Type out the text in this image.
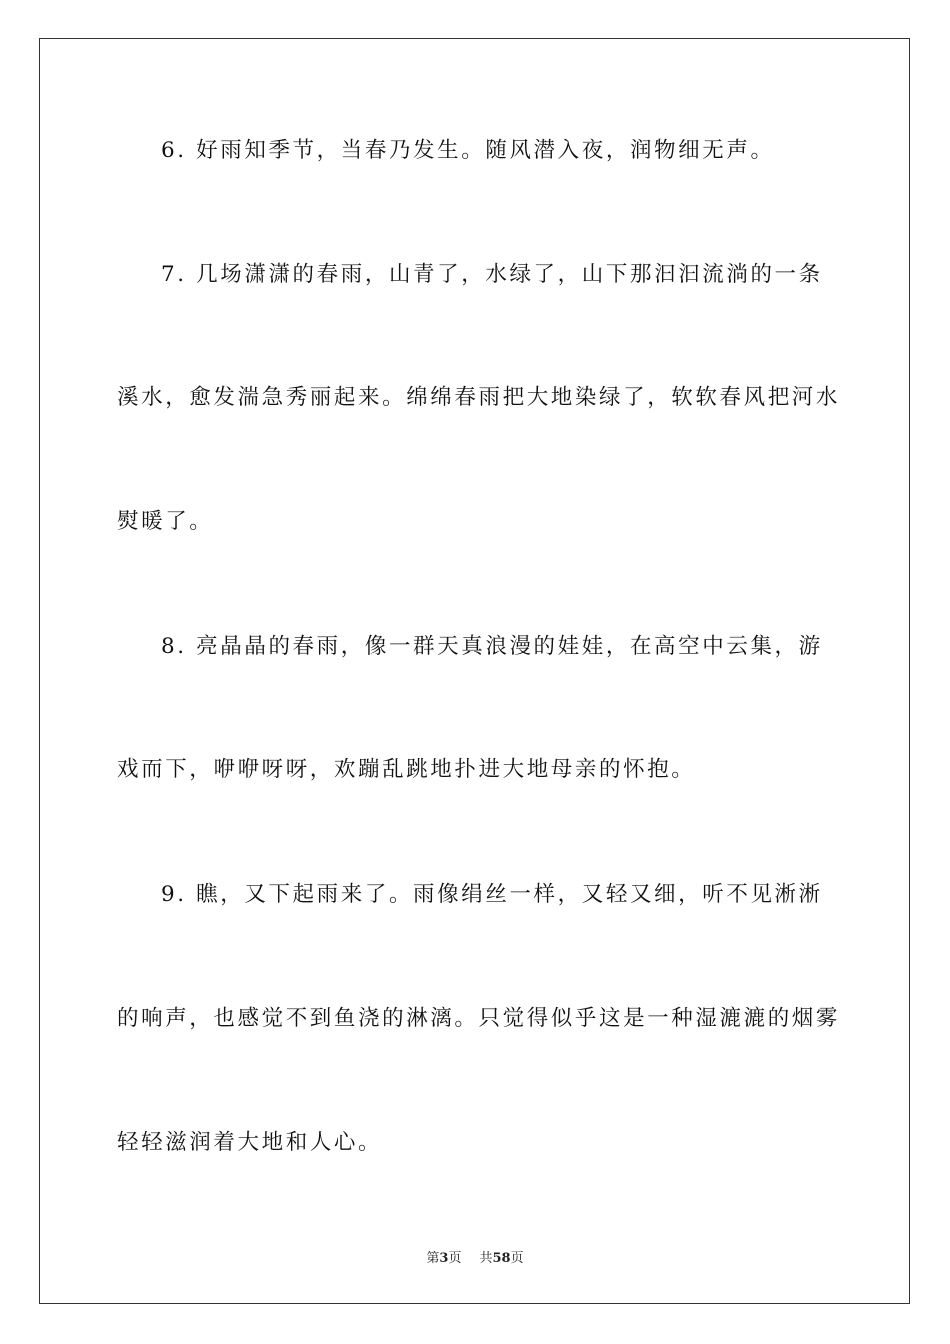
6. 好雨知季节，当春乃发生。随风潜入夜，润物细无声。
7. 几场潇潇的春雨，山青了，水绿了，山下那汩汩流淌的一条
溪水，愈发湍急秀丽起来。绵绵春雨把大地染绿了，软软春风把河水
熨暖了。
8. 亮晶晶的春雨，像一群天真浪漫的娃娃，在高空中云集，游
戏而下，咿咿呀呀，欢蹦乱跳地扑进大地母亲的怀抱。
9. 瞧，又下起雨来了。雨像绢丝一样，又轻又细，听不见淅淅
的响声，也感觉不到鱼浇的淋漓。只觉得似乎这是一种湿漉漉的烟雾
轻轻滋润着大地和人心。
第3页 共58页
